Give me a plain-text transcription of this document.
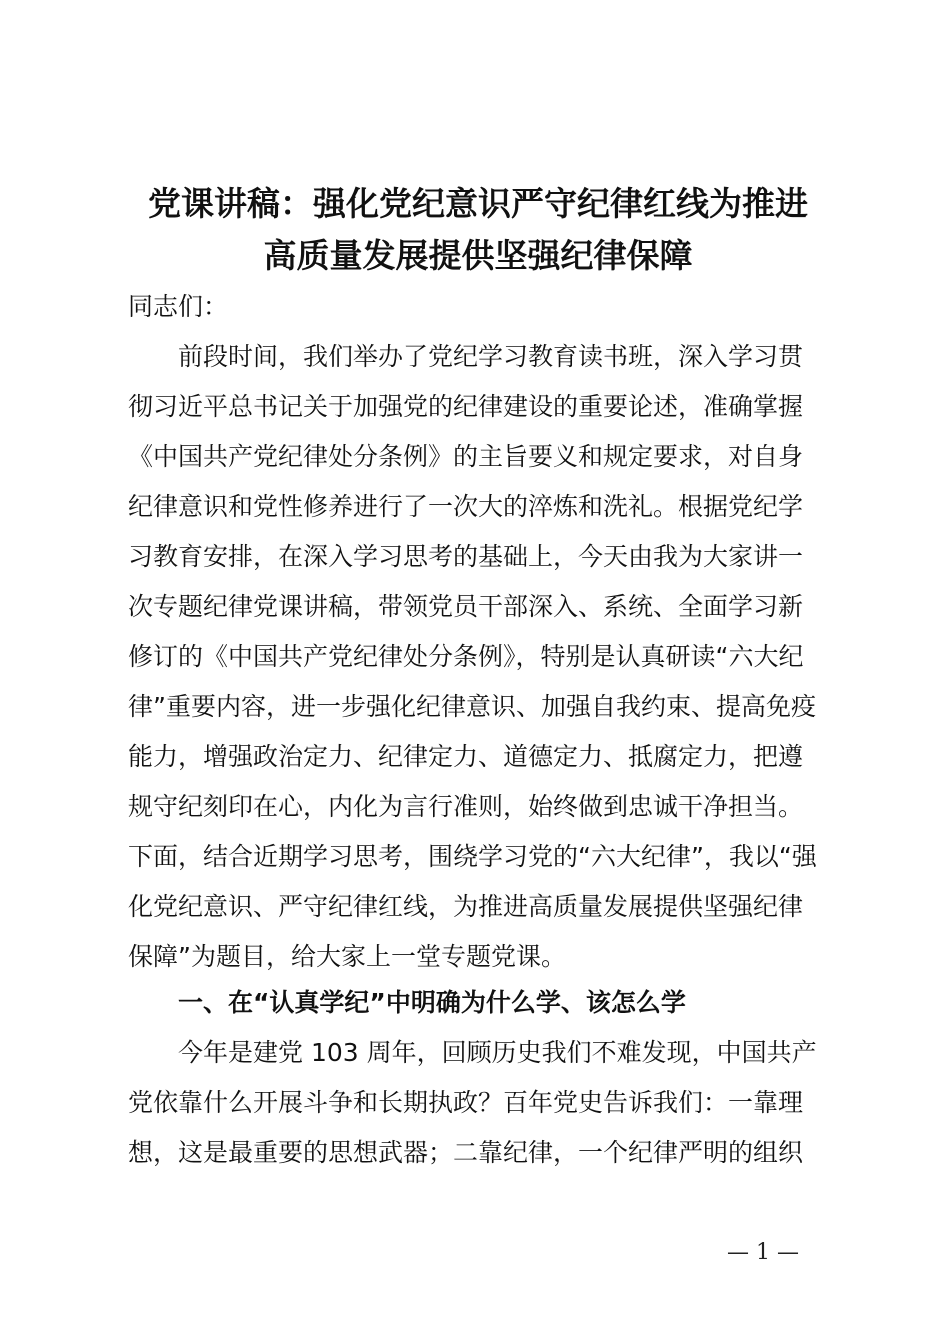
党课讲稿：强化党纪意识严守纪律红线为推进
高质量发展提供坚强纪律保障

同志们：

前段时间，我们举办了党纪学习教育读书班，深入学习贯
彻习近平总书记关于加强党的纪律建设的重要论述，准确掌握
《中国共产党纪律处分条例》的主旨要义和规定要求，对自身
纪律意识和党性修养进行了一次大的淬炼和洗礼。根据党纪学
习教育安排，在深入学习思考的基础上，今天由我为大家讲一
次专题纪律党课讲稿，带领党员干部深入、系统、全面学习新
修订的《中国共产党纪律处分条例》，特别是认真研读“六大纪
律”重要内容，进一步强化纪律意识、加强自我约束、提高免疫
能力，增强政治定力、纪律定力、道德定力、抵腐定力，把遵
规守纪刻印在心，内化为言行准则，始终做到忠诚干净担当。
下面，结合近期学习思考，围绕学习党的“六大纪律”，我以“强
化党纪意识、严守纪律红线，为推进高质量发展提供坚强纪律
保障”为题目，给大家上一堂专题党课。
一、在“认真学纪”中明确为什么学、该怎么学
今年是建党 103 周年，回顾历史我们不难发现，中国共产
党依靠什么开展斗争和长期执政？百年党史告诉我们：一靠理
想，这是最重要的思想武器；二靠纪律，一个纪律严明的组织
— 1 —
